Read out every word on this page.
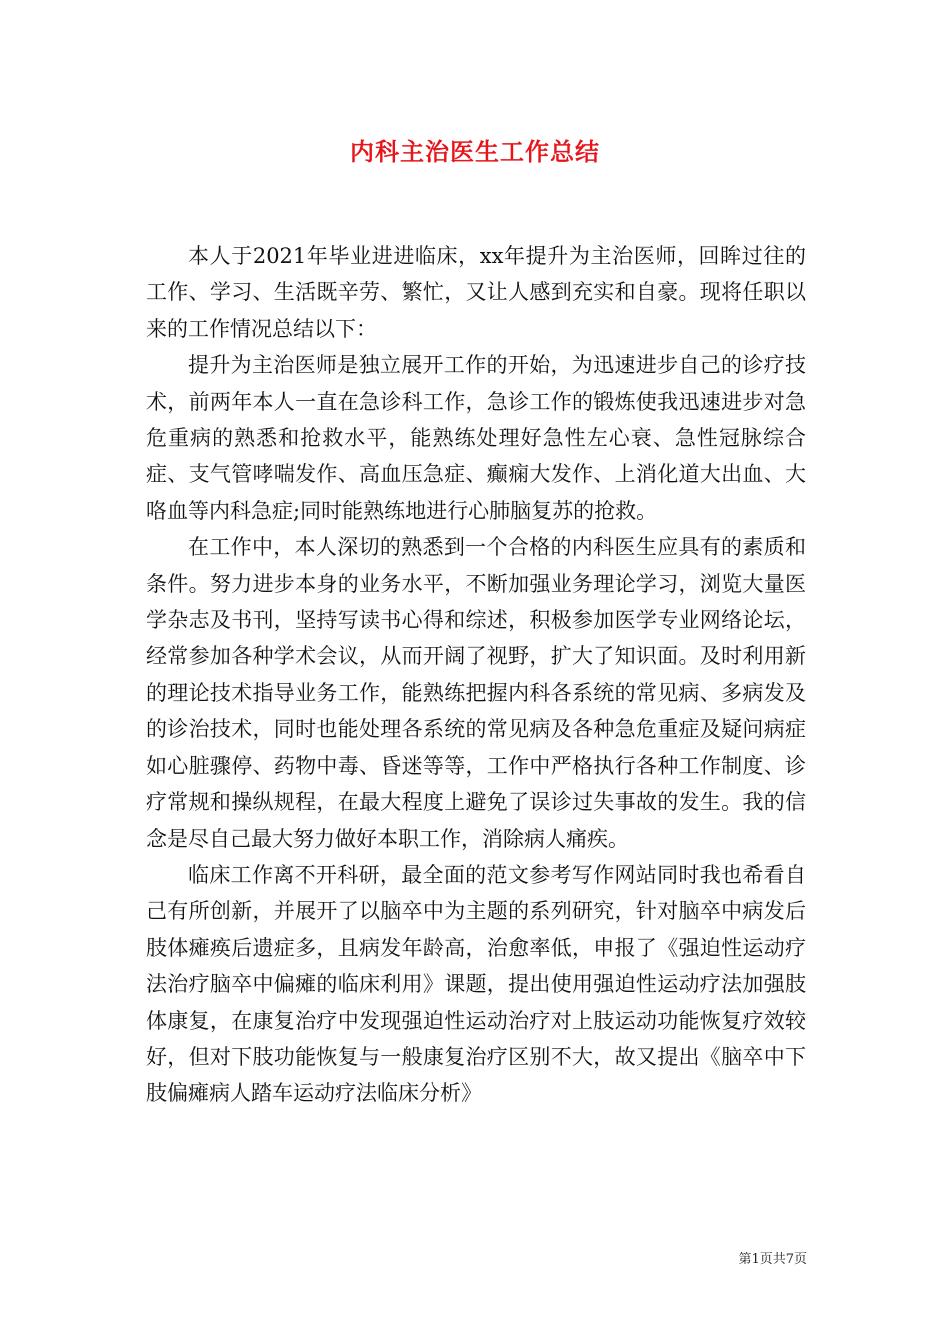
内科主治医生工作总结

本人于2021年毕业进进临床，xx年提升为主治医师，回眸过往的工作、学习、生活既辛劳、繁忙，又让人感到充实和自豪。现将任职以来的工作情况总结以下：

提升为主治医师是独立展开工作的开始，为迅速进步自己的诊疗技术，前两年本人一直在急诊科工作，急诊工作的锻炼使我迅速进步对急危重病的熟悉和抢救水平，能熟练处理好急性左心衰、急性冠脉综合症、支气管哮喘发作、高血压急症、癫痫大发作、上消化道大出血、大咯血等内科急症;同时能熟练地进行心肺脑复苏的抢救。

在工作中，本人深切的熟悉到一个合格的内科医生应具有的素质和条件。努力进步本身的业务水平，不断加强业务理论学习，浏览大量医学杂志及书刊，坚持写读书心得和综述，积极参加医学专业网络论坛，经常参加各种学术会议，从而开阔了视野，扩大了知识面。及时利用新的理论技术指导业务工作，能熟练把握内科各系统的常见病、多病发及的诊治技术，同时也能处理各系统的常见病及各种急危重症及疑问病症如心脏骤停、药物中毒、昏迷等等，工作中严格执行各种工作制度、诊疗常规和操纵规程，在最大程度上避免了误诊过失事故的发生。我的信念是尽自己最大努力做好本职工作，消除病人痛疾。

临床工作离不开科研，最全面的范文参考写作网站同时我也希看自己有所创新，并展开了以脑卒中为主题的系列研究，针对脑卒中病发后肢体瘫痪后遗症多，且病发年龄高，治愈率低，申报了《强迫性运动疗法治疗脑卒中偏瘫的临床利用》课题，提出使用强迫性运动疗法加强肢体康复，在康复治疗中发现强迫性运动治疗对上肢运动功能恢复疗效较好，但对下肢功能恢复与一般康复治疗区别不大，故又提出《脑卒中下肢偏瘫病人踏车运动疗法临床分析》

第1页共7页
